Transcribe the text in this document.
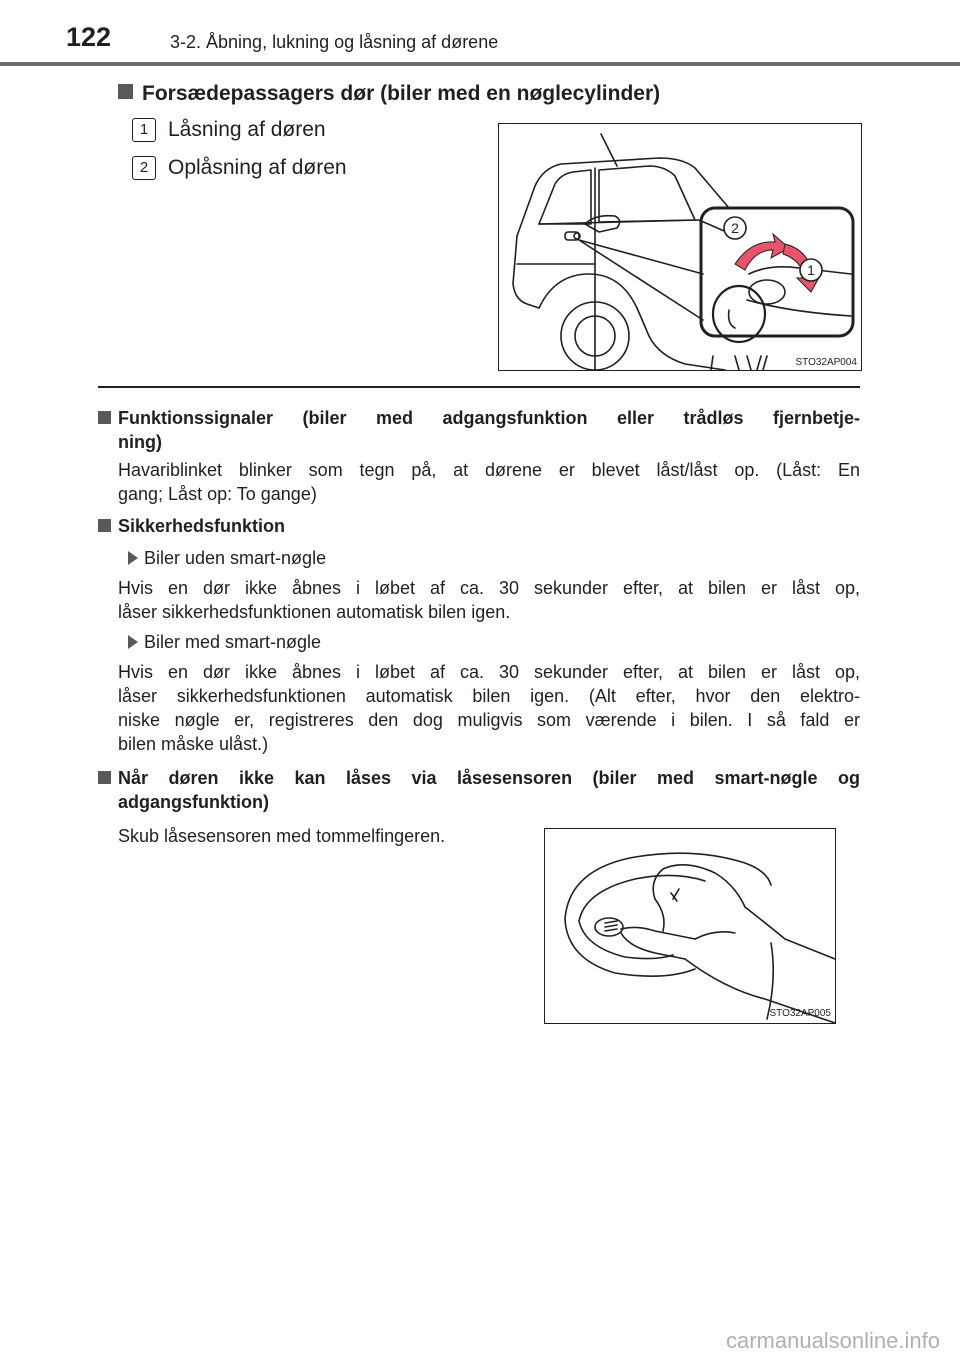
122	3-2. Åbning, lukning og låsning af dørene
Forsædepassagers dør (biler med en nøglecylinder)
1 Låsning af døren
2 Oplåsning af døren
2
1
STO32AP004
Funktionssignaler (biler med adgangsfunktion eller trådløs fjernbetje-
ning)
Havariblinket blinker som tegn på, at dørene er blevet låst/låst op. (Låst: En
gang; Låst op: To gange)
Sikkerhedsfunktion
Biler uden smart-nøgle
Hvis en dør ikke åbnes i løbet af ca. 30 sekunder efter, at bilen er låst op,
låser sikkerhedsfunktionen automatisk bilen igen.
Biler med smart-nøgle
Hvis en dør ikke åbnes i løbet af ca. 30 sekunder efter, at bilen er låst op,
låser sikkerhedsfunktionen automatisk bilen igen. (Alt efter, hvor den elektro-
niske nøgle er, registreres den dog muligvis som værende i bilen. I så fald er
bilen måske ulåst.)
Når døren ikke kan låses via låsesensoren (biler med smart-nøgle og
adgangsfunktion)
Skub låsesensoren med tommelfingeren.
STO32AP005
carmanualsonline.info
